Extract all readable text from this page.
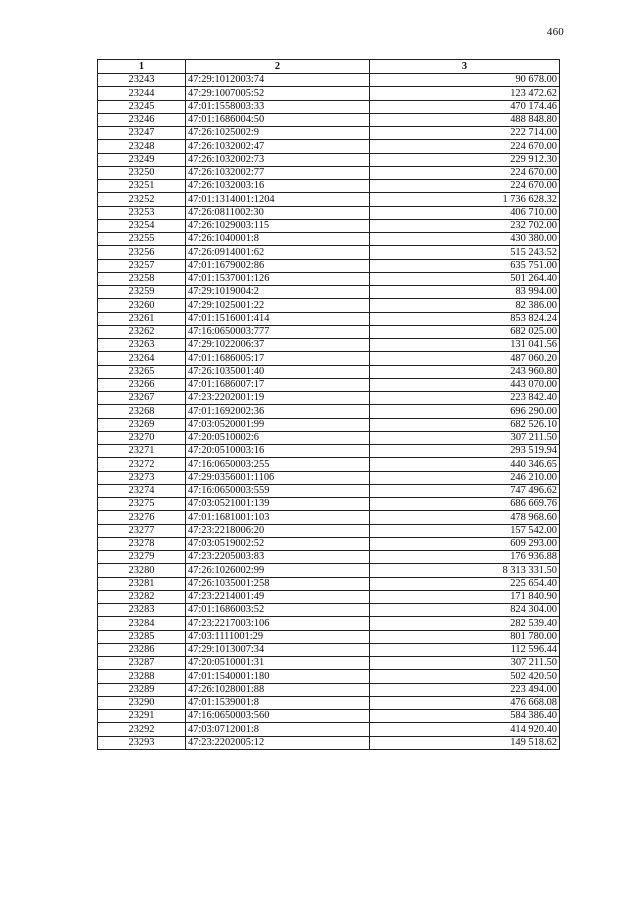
460
1	2	3
23243	47:29:1012003:74	90 678.00
23244	47:29:1007005:52	123 472.62
23245	47:01:1558003:33	470 174.46
23246	47:01:1686004:50	488 848.80
23247	47:26:1025002:9	222 714.00
23248	47:26:1032002:47	224 670.00
23249	47:26:1032002:73	229 912.30
23250	47:26:1032002:77	224 670.00
23251	47:26:1032003:16	224 670.00
23252	47:01:1314001:1204	1 736 628.32
23253	47:26:0811002:30	406 710.00
23254	47:26:1029003:115	232 702.00
23255	47:26:1040001:8	430 380.00
23256	47:26:0914001:62	515 243.52
23257	47:01:1679002:86	635 751.00
23258	47:01:1537001:126	501 264.40
23259	47:29:1019004:2	83 994.00
23260	47:29:1025001:22	82 386.00
23261	47:01:1516001:414	853 824.24
23262	47:16:0650003:777	682 025.00
23263	47:29:1022006:37	131 041.56
23264	47:01:1686005:17	487 060.20
23265	47:26:1035001:40	243 960.80
23266	47:01:1686007:17	443 070.00
23267	47:23:2202001:19	223 842.40
23268	47:01:1692002:36	696 290.00
23269	47:03:0520001:99	682 526.10
23270	47:20:0510002:6	307 211.50
23271	47:20:0510003:16	293 519.94
23272	47:16:0650003:255	440 346.65
23273	47:29:0356001:1106	246 210.00
23274	47:16:0650003:559	747 496.62
23275	47:03:0521001:139	686 669.76
23276	47:01:1681001:103	478 968.60
23277	47:23:2218006:20	157 542.00
23278	47:03:0519002:52	609 293.00
23279	47:23:2205003:83	176 936.88
23280	47:26:1026002:99	8 313 331.50
23281	47:26:1035001:258	225 654.40
23282	47:23:2214001:49	171 840.90
23283	47:01:1686003:52	824 304.00
23284	47:23:2217003:106	282 539.40
23285	47:03:1111001:29	801 780.00
23286	47:29:1013007:34	112 596.44
23287	47:20:0510001:31	307 211.50
23288	47:01:1540001:180	502 420.50
23289	47:26:1028001:88	223 494.00
23290	47:01:1539001:8	476 668.08
23291	47:16:0650003:560	584 386.40
23292	47:03:0712001:8	414 920.40
23293	47:23:2202005:12	149 518.62
